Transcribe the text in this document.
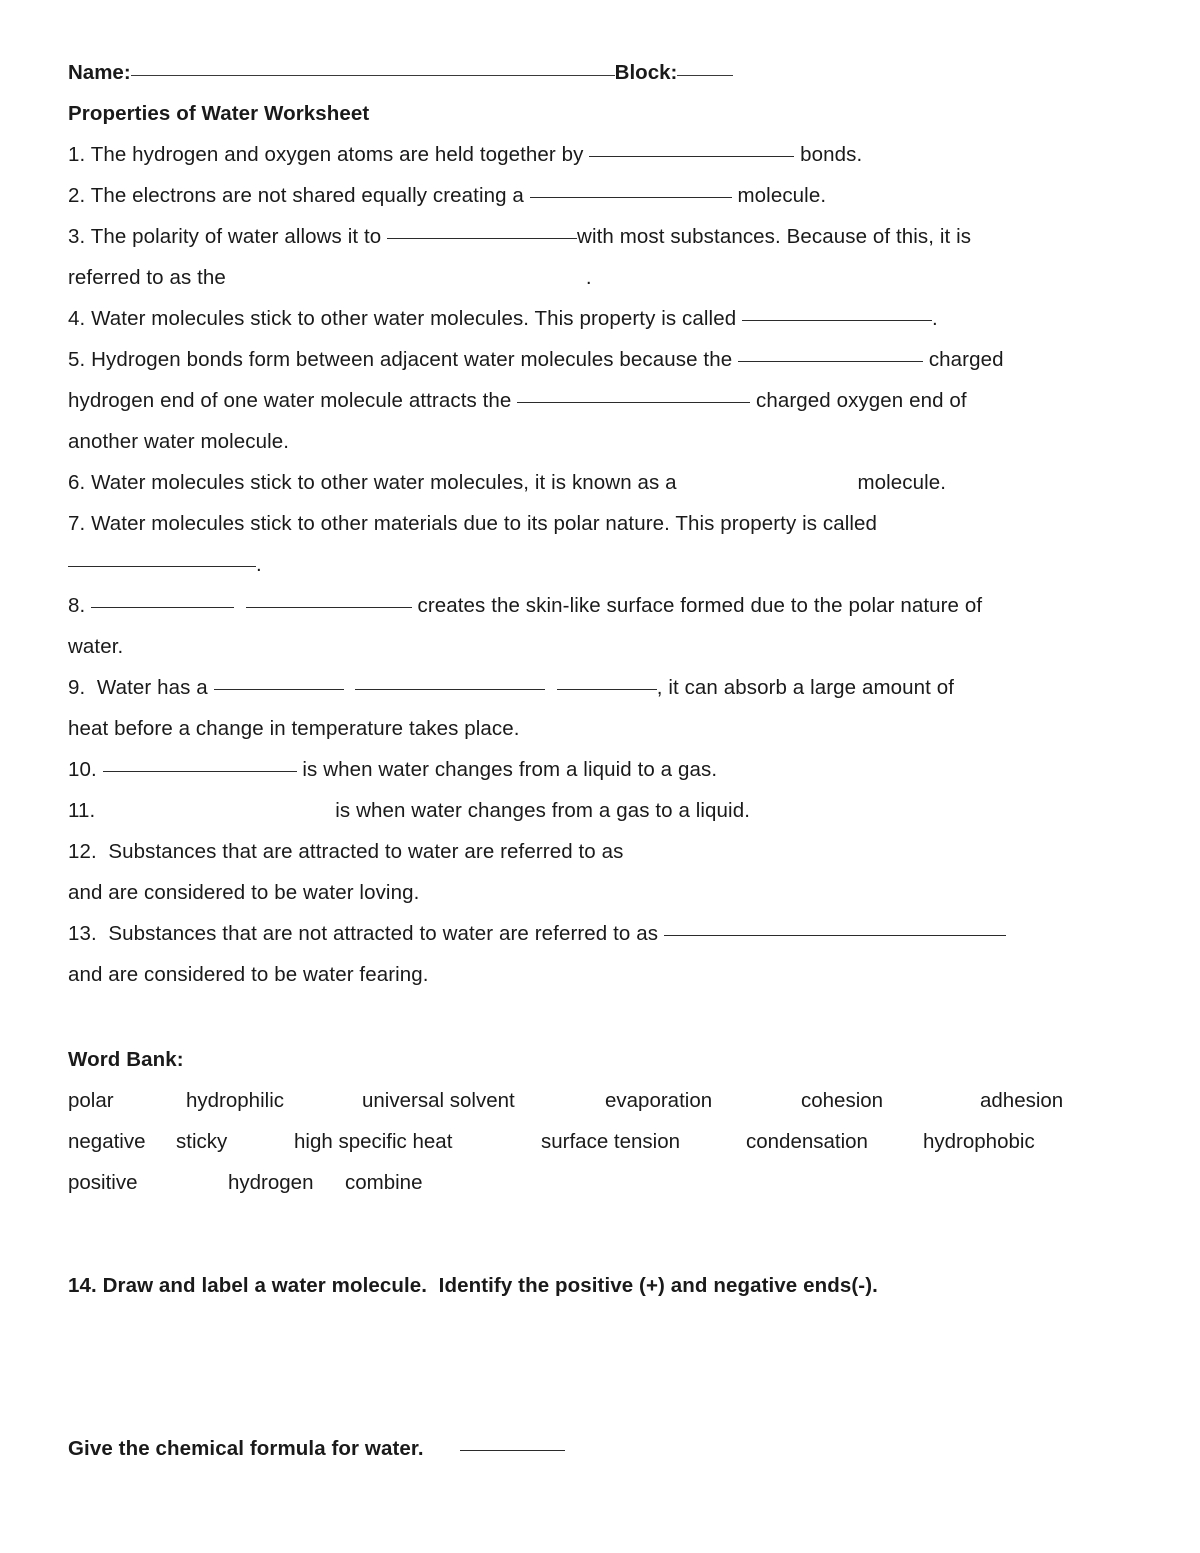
Name:	Block:
Properties of Water Worksheet
1. The hydrogen and oxygen atoms are held together by	bonds.
2. The electrons are not shared equally creating a	molecule.
3. The polarity of water allows it to	with most substances. Because of this, it is
referred to as the	.
4. Water molecules stick to other water molecules. This property is called	.
5. Hydrogen bonds form between adjacent water molecules because the	charged
hydrogen end of one water molecule attracts the	charged oxygen end of
another water molecule.
6. Water molecules stick to other water molecules, it is known as a	molecule.
7. Water molecules stick to other materials due to its polar nature. This property is called
.
8.	creates the skin-like surface formed due to the polar nature of
water.
9.  Water has a	, it can absorb a large amount of
heat before a change in temperature takes place.
10.	is when water changes from a liquid to a gas.
11.	is when water changes from a gas to a liquid.
12.  Substances that are attracted to water are referred to as
and are considered to be water loving.
13.  Substances that are not attracted to water are referred to as
and are considered to be water fearing.
Word Bank:
polar	hydrophilic	universal solvent	evaporation	cohesion	adhesion
negative sticky	high specific heat	surface tension	condensation	hydrophobic
positive	hydrogen combine
14. Draw and label a water molecule.  Identify the positive (+) and negative ends(-).
Give the chemical formula for water.
